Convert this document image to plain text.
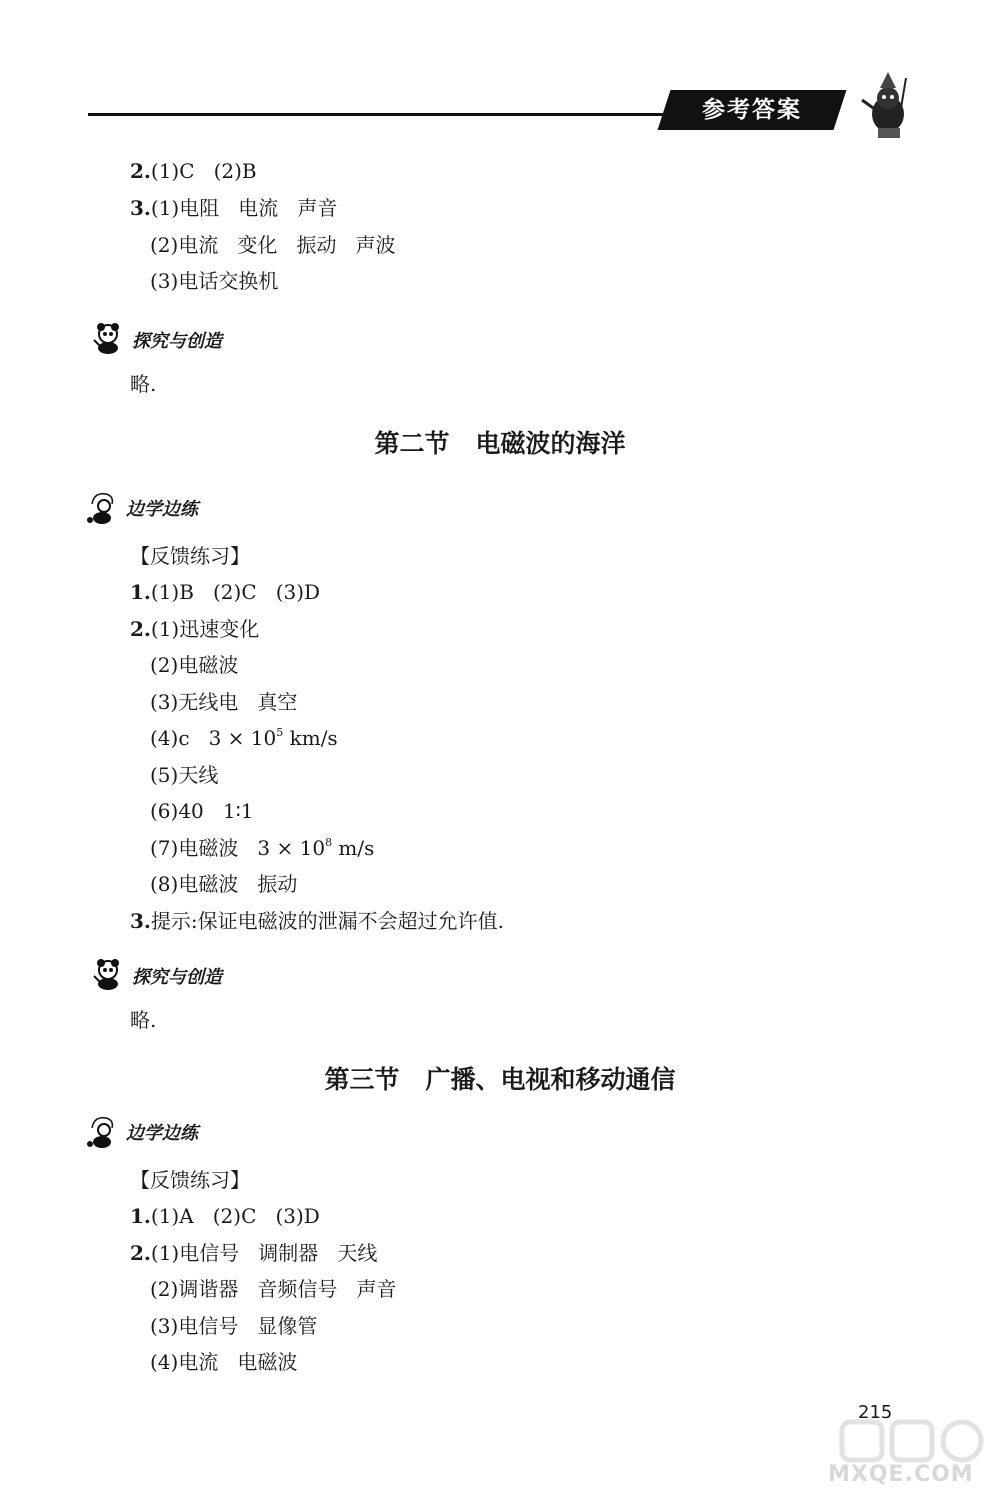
参考答案
2.(1)C   (2)B
3.(1)电阻   电流   声音
(2)电流   变化   振动   声波
(3)电话交换机
探究与创造
略.
第二节   电磁波的海洋
边学边练
【反馈练习】
1.(1)B   (2)C   (3)D
2.(1)迅速变化
(2)电磁波
(3)无线电   真空
(4)c   $3 \times 10^5$ km/s
(5)天线
(6)40   1∶1
(7)电磁波   $3 \times 10^8$ m/s
(8)电磁波   振动
3.提示:保证电磁波的泄漏不会超过允许值.
探究与创造
略.
第三节   广播、电视和移动通信
边学边练
【反馈练习】
1.(1)A   (2)C   (3)D
2.(1)电信号   调制器   天线
(2)调谐器   音频信号   声音
(3)电信号   显像管
(4)电流   电磁波
215
MXQE.COM
